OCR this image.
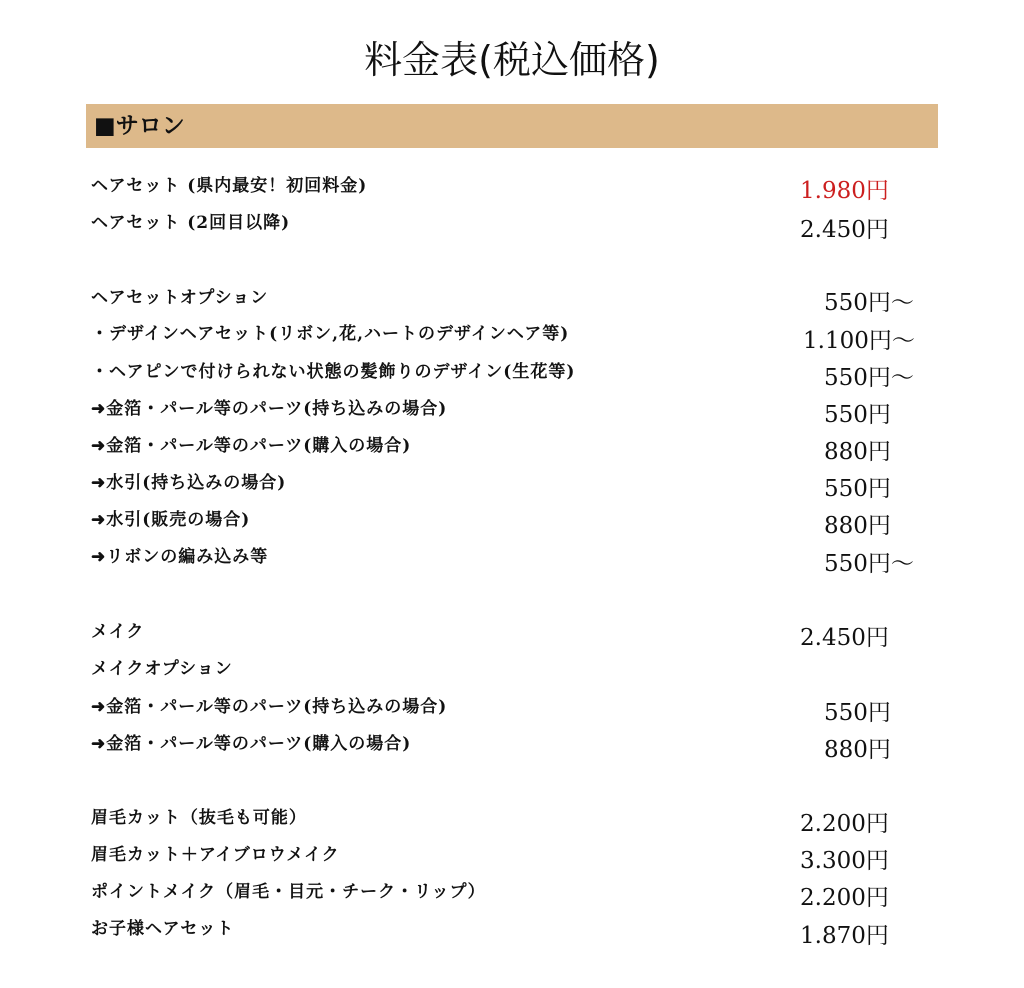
料金表(税込価格)
■サロン
ヘアセット (県内最安！初回料金)
ヘアセット (2回目以降)
ヘアセットオプション
・デザインヘアセット(リボン,花,ハートのデザインヘア等)
・ヘアピンで付けられない状態の髪飾りのデザイン(生花等)
➜金箔・パール等のパーツ(持ち込みの場合)
➜金箔・パール等のパーツ(購入の場合)
➜水引(持ち込みの場合)
➜水引(販売の場合)
➜リボンの編み込み等
メイク
メイクオプション
➜金箔・パール等のパーツ(持ち込みの場合)
➜金箔・パール等のパーツ(購入の場合)
眉毛カット（抜毛も可能）
眉毛カット＋アイブロウメイク
ポイントメイク（眉毛・目元・チーク・リップ）
お子様ヘアセット
1.980円
2.450円
550円～
1.100円～
550円～
550円
880円
550円
880円
550円～
2.450円
550円
880円
2.200円
3.300円
2.200円
1.870円
